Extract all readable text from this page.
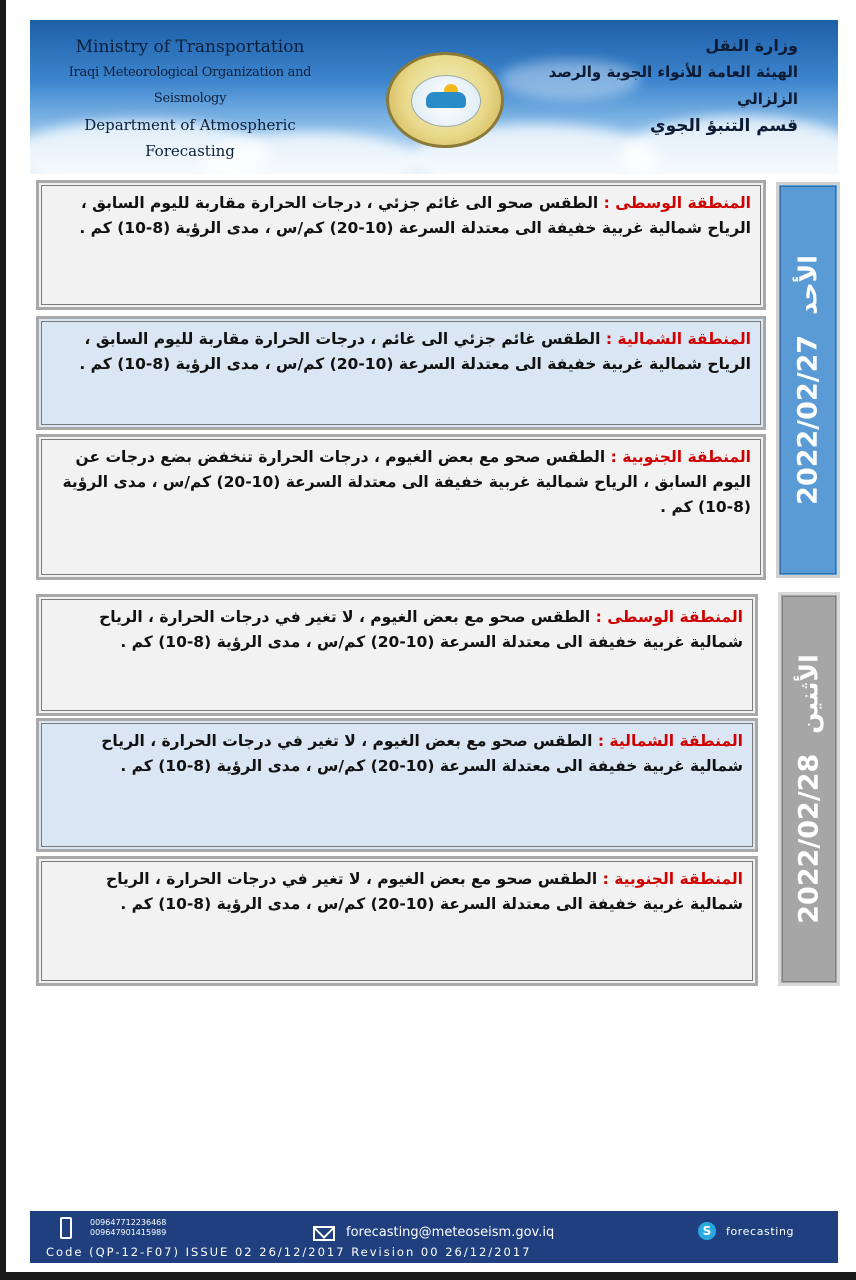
Ministry of Transportation
Iraqi Meteorological Organization and Seismology
Department of Atmospheric Forecasting
وزارة النقل
الهيئة العامة للأنواء الجوية والرصد الزلزالي
قسم التنبؤ الجوي
المنطقة الوسطى : الطقس صحو الى غائم جزئي ، درجات الحرارة مقاربة لليوم السابق ، الرياح شمالية غربية خفيفة الى معتدلة السرعة (10-20) كم/س ، مدى الرؤية (8-10) كم .
المنطقة الشمالية : الطقس غائم جزئي الى غائم ، درجات الحرارة مقاربة لليوم السابق ، الرياح شمالية غربية خفيفة الى معتدلة السرعة (10-20) كم/س ، مدى الرؤية (8-10) كم .
المنطقة الجنوبية : الطقس صحو مع بعض الغيوم ، درجات الحرارة تنخفض بضع درجات عن اليوم السابق ، الرياح شمالية غربية خفيفة الى معتدلة السرعة (10-20) كم/س ، مدى الرؤية (8-10) كم .
2022/02/27
الأحد
المنطقة الوسطى : الطقس صحو مع بعض الغيوم ، لا تغير في درجات الحرارة ، الرياح شمالية غربية خفيفة الى معتدلة السرعة (10-20) كم/س ، مدى الرؤية (8-10) كم .
المنطقة الشمالية : الطقس صحو مع بعض الغيوم ، لا تغير في درجات الحرارة ، الرياح شمالية غربية خفيفة الى معتدلة السرعة (10-20) كم/س ، مدى الرؤية (8-10) كم .
المنطقة الجنوبية : الطقس صحو مع بعض الغيوم ، لا تغير في درجات الحرارة ، الرياح شمالية غربية خفيفة الى معتدلة السرعة (10-20) كم/س ، مدى الرؤية (8-10) كم . 2022/02/28
الأثنين
009647712236468
009647901415989	forecasting@meteoseism.gov.iq	S	forecasting
Code (QP-12-F07) ISSUE 02 26/12/2017 Revision 00 26/12/2017
